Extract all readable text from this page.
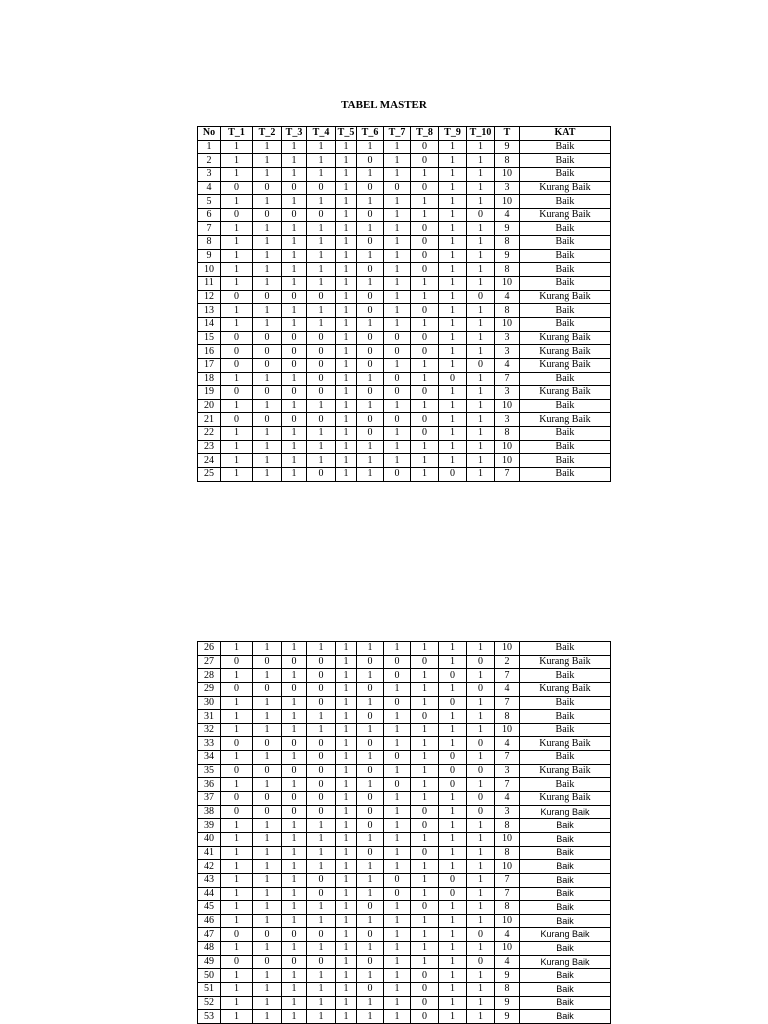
TABEL MASTER
No	T_1	T_2	T_3	T_4	T_5	T_6	T_7	T_8	T_9	T_10	T	KAT
1	1	1	1	1	1	1	1	0	1	1	9	Baik
2	1	1	1	1	1	0	1	0	1	1	8	Baik
3	1	1	1	1	1	1	1	1	1	1	10	Baik
4	0	0	0	0	1	0	0	0	1	1	3	Kurang Baik
5	1	1	1	1	1	1	1	1	1	1	10	Baik
6	0	0	0	0	1	0	1	1	1	0	4	Kurang Baik
7	1	1	1	1	1	1	1	0	1	1	9	Baik
8	1	1	1	1	1	0	1	0	1	1	8	Baik
9	1	1	1	1	1	1	1	0	1	1	9	Baik
10	1	1	1	1	1	0	1	0	1	1	8	Baik
11	1	1	1	1	1	1	1	1	1	1	10	Baik
12	0	0	0	0	1	0	1	1	1	0	4	Kurang Baik
13	1	1	1	1	1	0	1	0	1	1	8	Baik
14	1	1	1	1	1	1	1	1	1	1	10	Baik
15	0	0	0	0	1	0	0	0	1	1	3	Kurang Baik
16	0	0	0	0	1	0	0	0	1	1	3	Kurang Baik
17	0	0	0	0	1	0	1	1	1	0	4	Kurang Baik
18	1	1	1	0	1	1	0	1	0	1	7	Baik
19	0	0	0	0	1	0	0	0	1	1	3	Kurang Baik
20	1	1	1	1	1	1	1	1	1	1	10	Baik
21	0	0	0	0	1	0	0	0	1	1	3	Kurang Baik
22	1	1	1	1	1	0	1	0	1	1	8	Baik
23	1	1	1	1	1	1	1	1	1	1	10	Baik
24	1	1	1	1	1	1	1	1	1	1	10	Baik
25	1	1	1	0	1	1	0	1	0	1	7	Baik
26	1	1	1	1	1	1	1	1	1	1	10	Baik
27	0	0	0	0	1	0	0	0	1	0	2	Kurang Baik
28	1	1	1	0	1	1	0	1	0	1	7	Baik
29	0	0	0	0	1	0	1	1	1	0	4	Kurang Baik
30	1	1	1	0	1	1	0	1	0	1	7	Baik
31	1	1	1	1	1	0	1	0	1	1	8	Baik
32	1	1	1	1	1	1	1	1	1	1	10	Baik
33	0	0	0	0	1	0	1	1	1	0	4	Kurang Baik
34	1	1	1	0	1	1	0	1	0	1	7	Baik
35	0	0	0	0	1	0	1	1	0	0	3	Kurang Baik
36	1	1	1	0	1	1	0	1	0	1	7	Baik
37	0	0	0	0	1	0	1	1	1	0	4	Kurang Baik
38	0	0	0	0	1	0	1	0	1	0	3	Kurang Baik
39	1	1	1	1	1	0	1	0	1	1	8	Baik
40	1	1	1	1	1	1	1	1	1	1	10	Baik
41	1	1	1	1	1	0	1	0	1	1	8	Baik
42	1	1	1	1	1	1	1	1	1	1	10	Baik
43	1	1	1	0	1	1	0	1	0	1	7	Baik
44	1	1	1	0	1	1	0	1	0	1	7	Baik
45	1	1	1	1	1	0	1	0	1	1	8	Baik
46	1	1	1	1	1	1	1	1	1	1	10	Baik
47	0	0	0	0	1	0	1	1	1	0	4	Kurang Baik
48	1	1	1	1	1	1	1	1	1	1	10	Baik
49	0	0	0	0	1	0	1	1	1	0	4	Kurang Baik
50	1	1	1	1	1	1	1	0	1	1	9	Baik
51	1	1	1	1	1	0	1	0	1	1	8	Baik
52	1	1	1	1	1	1	1	0	1	1	9	Baik
53	1	1	1	1	1	1	1	0	1	1	9	Baik
